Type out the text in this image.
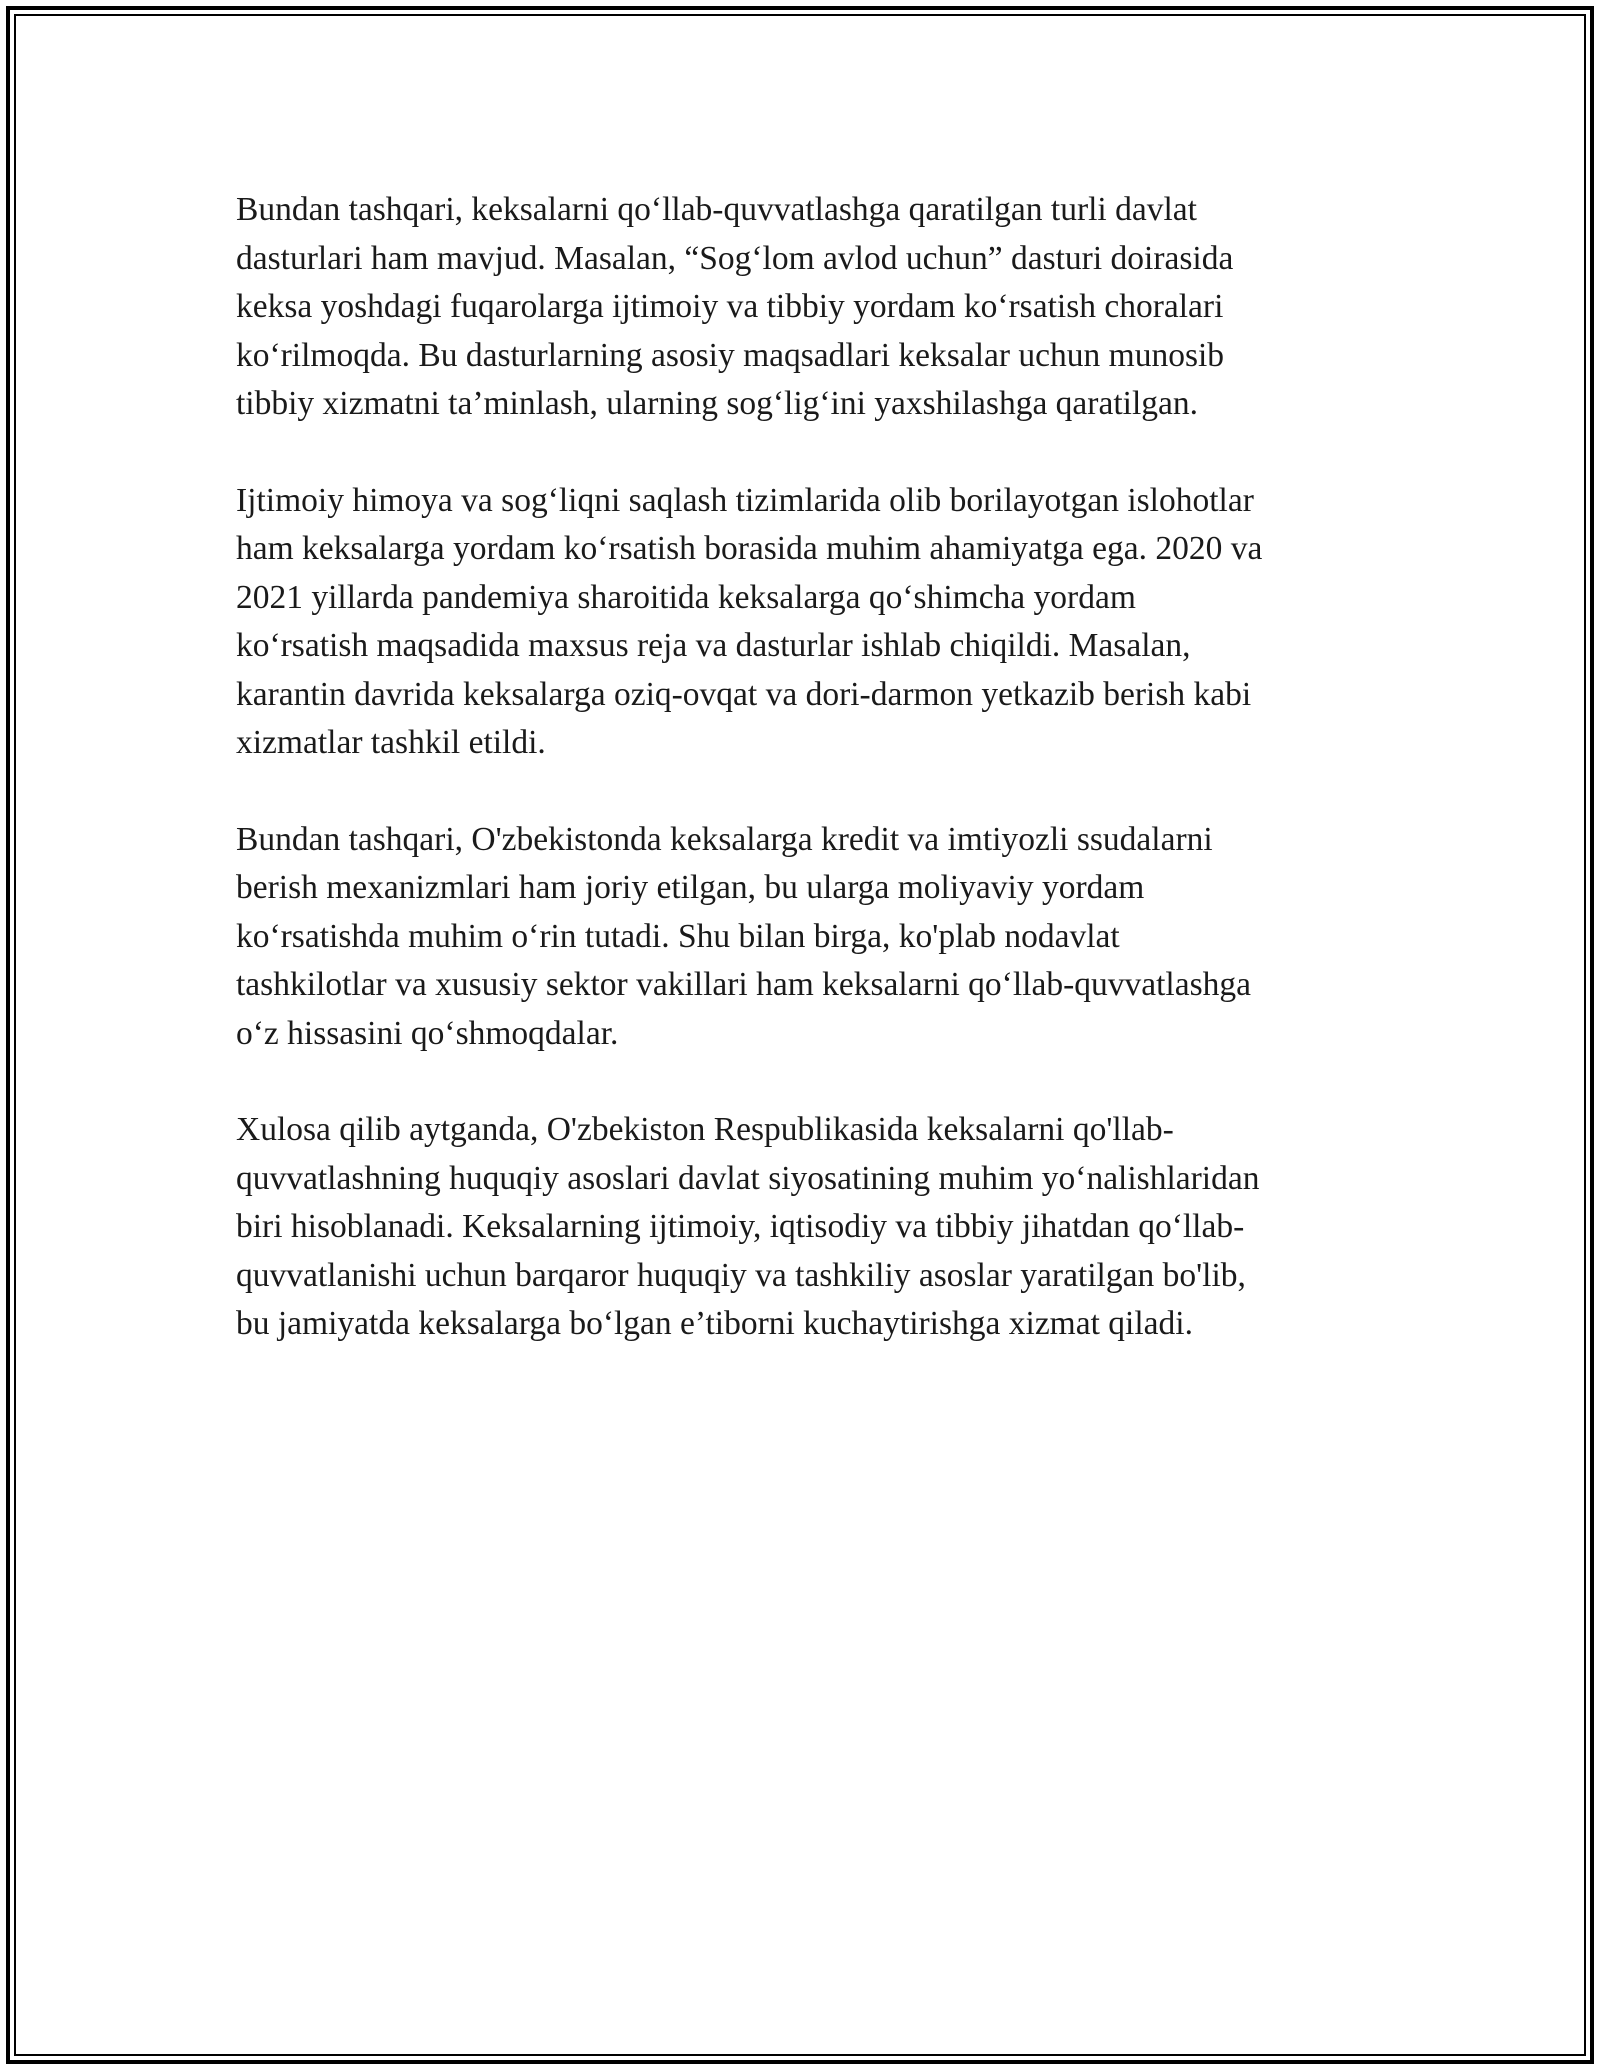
Bundan tashqari, keksalarni qo‘llab-quvvatlashga qaratilgan turli davlat
dasturlari ham mavjud. Masalan, “Sog‘lom avlod uchun” dasturi doirasida
keksa yoshdagi fuqarolarga ijtimoiy va tibbiy yordam ko‘rsatish choralari
ko‘rilmoqda. Bu dasturlarning asosiy maqsadlari keksalar uchun munosib
tibbiy xizmatni ta’minlash, ularning sog‘lig‘ini yaxshilashga qaratilgan.

Ijtimoiy himoya va sog‘liqni saqlash tizimlarida olib borilayotgan islohotlar
ham keksalarga yordam ko‘rsatish borasida muhim ahamiyatga ega. 2020 va
2021 yillarda pandemiya sharoitida keksalarga qo‘shimcha yordam
ko‘rsatish maqsadida maxsus reja va dasturlar ishlab chiqildi. Masalan,
karantin davrida keksalarga oziq-ovqat va dori-darmon yetkazib berish kabi
xizmatlar tashkil etildi.

Bundan tashqari, O'zbekistonda keksalarga kredit va imtiyozli ssudalarni
berish mexanizmlari ham joriy etilgan, bu ularga moliyaviy yordam
ko‘rsatishda muhim o‘rin tutadi. Shu bilan birga, ko'plab nodavlat
tashkilotlar va xususiy sektor vakillari ham keksalarni qo‘llab-quvvatlashga
o‘z hissasini qo‘shmoqdalar.

Xulosa qilib aytganda, O'zbekiston Respublikasida keksalarni qo'llab-
quvvatlashning huquqiy asoslari davlat siyosatining muhim yo‘nalishlaridan
biri hisoblanadi. Keksalarning ijtimoiy, iqtisodiy va tibbiy jihatdan qo‘llab-
quvvatlanishi uchun barqaror huquqiy va tashkiliy asoslar yaratilgan bo'lib,
bu jamiyatda keksalarga bo‘lgan e’tiborni kuchaytirishga xizmat qiladi.
